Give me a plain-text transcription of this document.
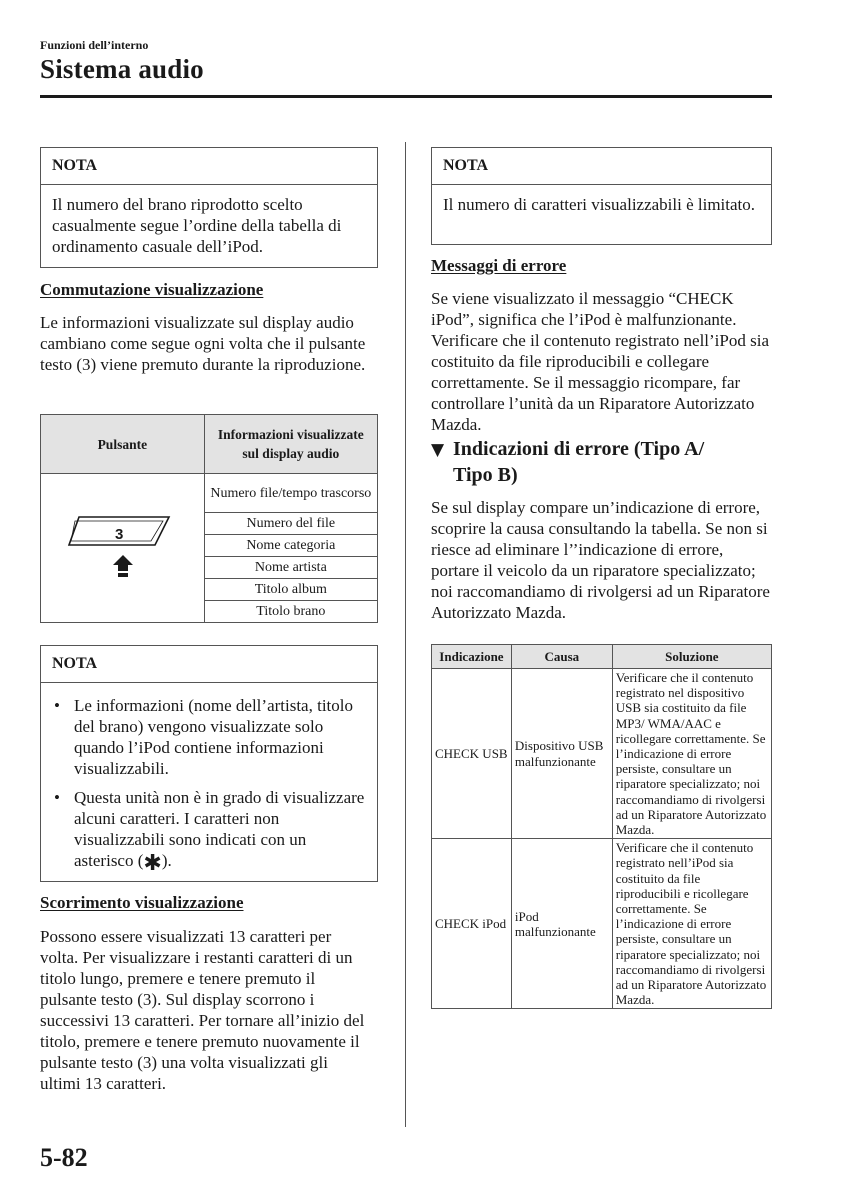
Funzioni dell’interno
Sistema audio
NOTA
Il numero del brano riprodotto scelto casualmente segue l’ordine della tabella di ordinamento casuale dell’iPod.
Commutazione visualizzazione
Le informazioni visualizzate sul display audio cambiano come segue ogni volta che il pulsante testo (3) viene premuto durante la riproduzione.
Pulsante	Informazioni visualizzate sul display audio

3	Numero file/tempo trascorso
	Numero del file
	Nome categoria
	Nome artista
	Titolo album
	Titolo brano
NOTA
• Le informazioni (nome dell’artista, titolo del brano) vengono visualizzate solo quando l’iPod contiene informazioni visualizzabili.
• Questa unità non è in grado di visualizzare alcuni caratteri. I caratteri non visualizzabili sono indicati con un asterisco (✱).
Scorrimento visualizzazione
Possono essere visualizzati 13 caratteri per volta. Per visualizzare i restanti caratteri di un titolo lungo, premere e tenere premuto il pulsante testo (3). Sul display scorrono i successivi 13 caratteri. Per tornare all’inizio del titolo, premere e tenere premuto nuovamente il pulsante testo (3) una volta visualizzati gli ultimi 13 caratteri.
NOTA
Il numero di caratteri visualizzabili è limitato.
Messaggi di errore
Se viene visualizzato il messaggio “CHECK iPod”, significa che l’iPod è malfunzionante. Verificare che il contenuto registrato nell’iPod sia costituito da file riproducibili e collegare correttamente. Se il messaggio ricompare, far controllare l’unità da un Riparatore Autorizzato Mazda.
▼ Indicazioni di errore (Tipo A/
Tipo B)
Se sul display compare un’indicazione di errore, scoprire la causa consultando la tabella. Se non si riesce ad eliminare l’’indicazione di errore, portare il veicolo da un riparatore specializzato; noi raccomandiamo di rivolgersi ad un Riparatore Autorizzato Mazda.
Indicazione	Causa	Soluzione
CHECK USB	Dispositivo USB malfunzionante	Verificare che il contenuto registrato nel dispositivo USB sia costituito da file MP3/ WMA/AAC e ricollegare correttamente. Se l’indicazione di errore persiste, consultare un riparatore specializzato; noi raccomandiamo di rivolgersi ad un Riparatore Autorizzato Mazda.
CHECK iPod	iPod malfunzionante	Verificare che il contenuto registrato nell’iPod sia costituito da file riproducibili e ricollegare correttamente. Se l’indicazione di errore persiste, consultare un riparatore specializzato; noi raccomandiamo di rivolgersi ad un Riparatore Autorizzato Mazda.
5-82
